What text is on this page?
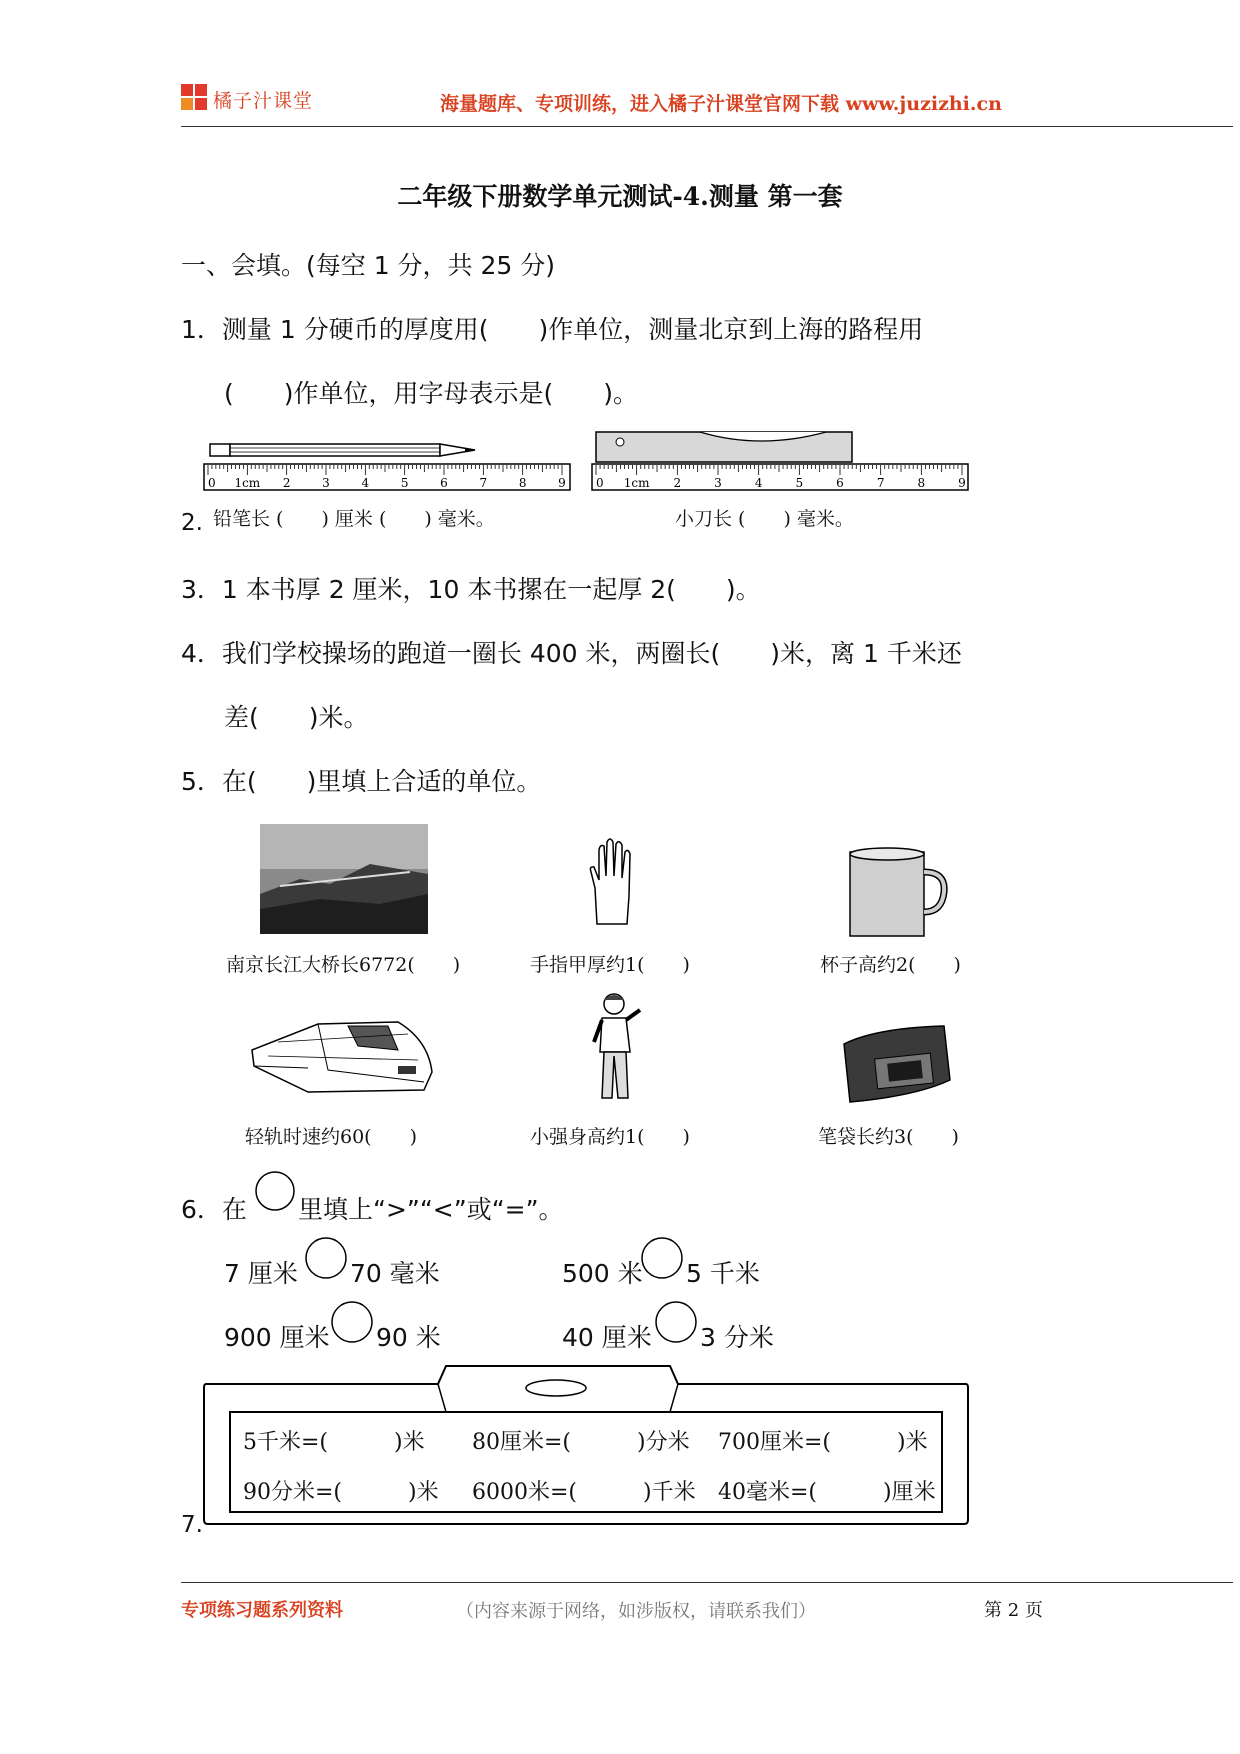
橘子汁课堂	海量题库、专项训练，进入橘子汁课堂官网下载 www.juzizhi.cn
二年级下册数学单元测试-4.测量 第一套
一、会填。(每空 1 分，共 25 分)
1．测量 1 分硬币的厚度用(　　)作单位，测量北京到上海的路程用
(　　)作单位，用字母表示是(　　)。
0 1cm 2	3	4	5	6	7	8	9	0 1cm 2	3	4	5	6	7	8	9
2. 铅笔长 (　　) 厘米 (　　) 毫米。	小刀长 (　　) 毫米。
3．1 本书厚 2 厘米，10 本书摞在一起厚 2(　　)。
4．我们学校操场的跑道一圈长 400 米，两圈长(　　)米，离 1 千米还
差(　　)米。
5．在(　　)里填上合适的单位。
南京长江大桥长6772(　　)	手指甲厚约1(　　)	杯子高约2(　　)
轻轨时速约60(　　)	小强身高约1(　　)	笔袋长约3(　　)
6．在 里填上“>”“<”或“=”。
7 厘米 70 毫米	500 米 5 千米
900 厘米 90 米	40 厘米 3 分米
5千米=(　　　)米 80厘米=(　　　)分米 700厘米=(　　　)米
90分米=(　　　)米 6000米=(　　　)千米 40毫米=(　　　)厘米
7.
专项练习题系列资料	（内容来源于网络，如涉版权，请联系我们）	第 2 页
